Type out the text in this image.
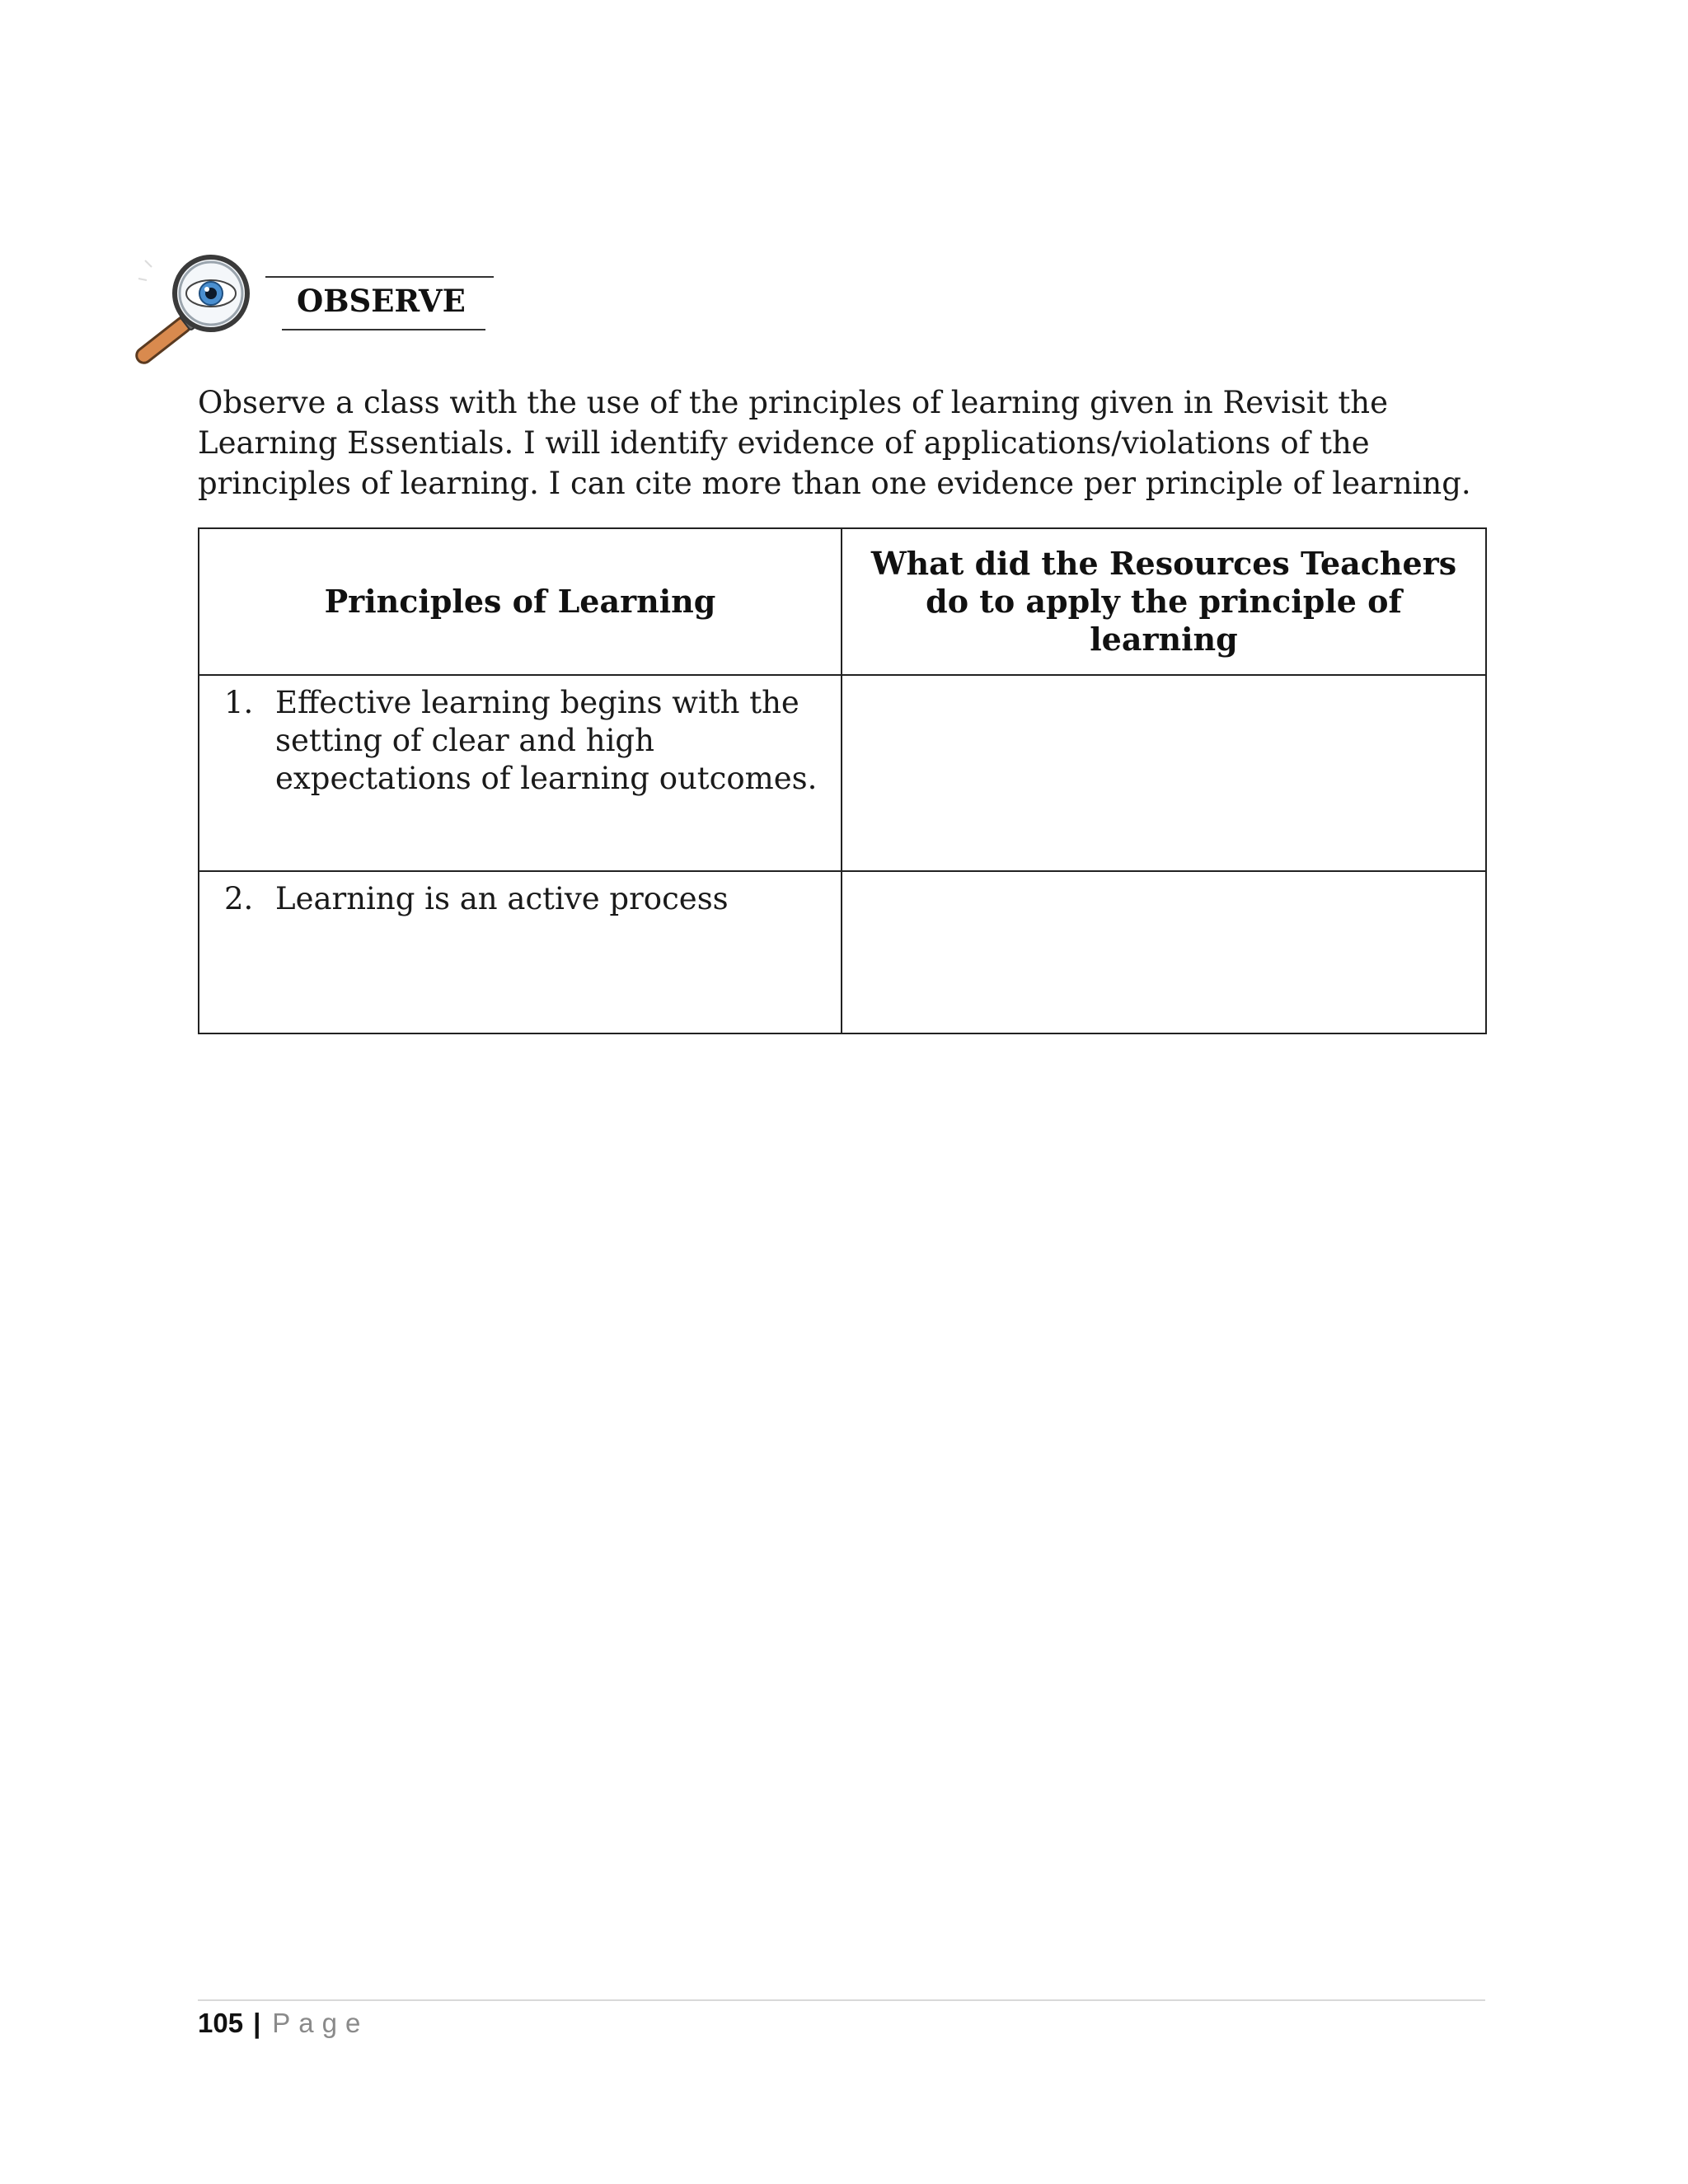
OBSERVE

Observe a class with the use of the principles of learning given in Revisit the Learning Essentials. I will identify evidence of applications/violations of the principles of learning. I can cite more than one evidence per principle of learning.

Principles of Learning	What did the Resources Teachers do to apply the principle of learning

1. Effective learning begins with the setting of clear and high expectations of learning outcomes.	

2. Learning is an active process	

105 | Page
